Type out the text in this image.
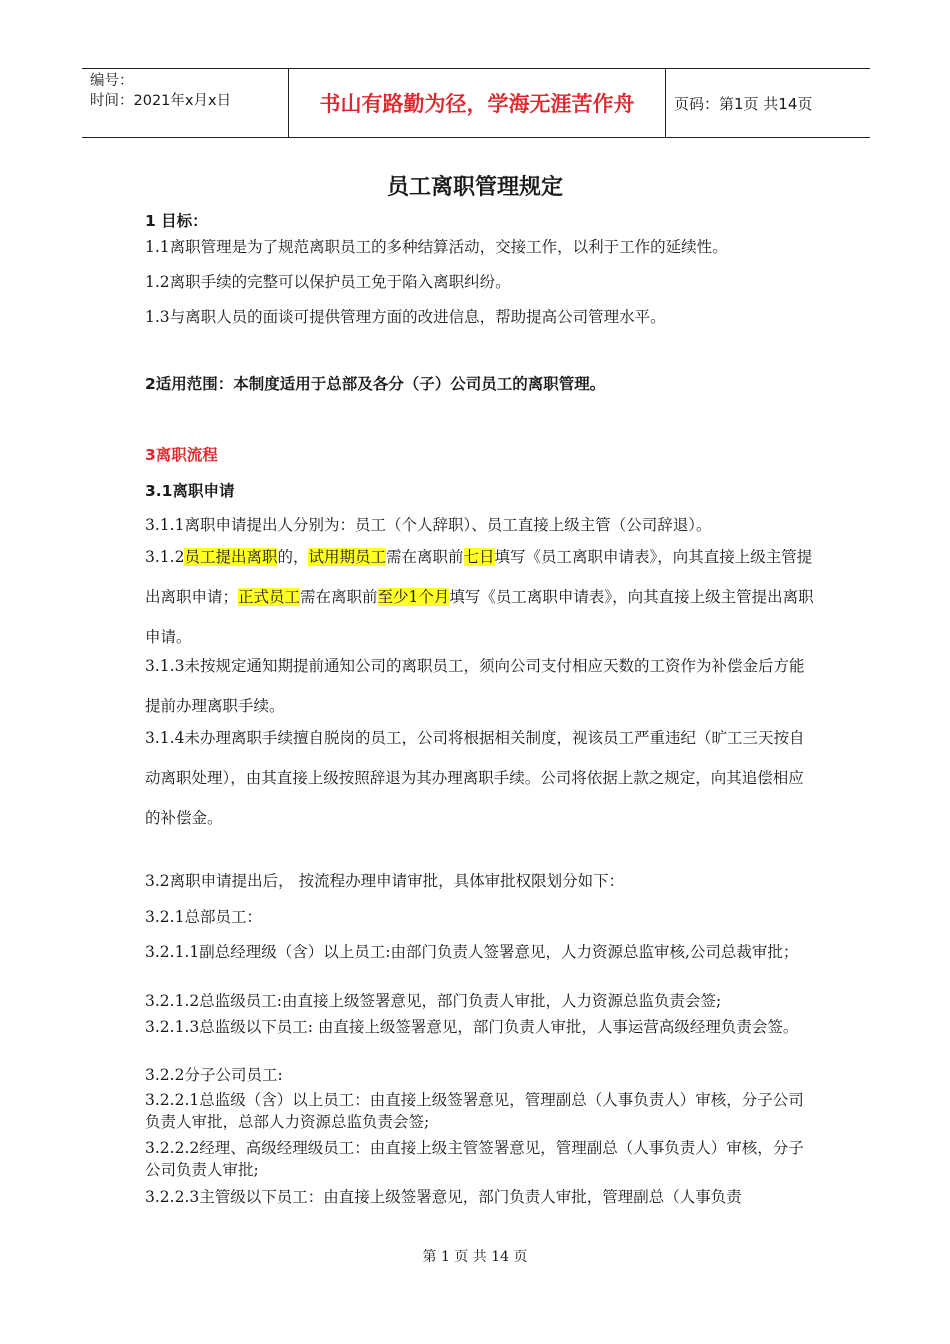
编号：
时间：2021年x月x日	书山有路勤为径，学海无涯苦作舟	页码：第1页 共14页
员工离职管理规定
1 目标：
1.1离职管理是为了规范离职员工的多种结算活动，交接工作，以利于工作的延续性。
1.2离职手续的完整可以保护员工免于陷入离职纠纷。
1.3与离职人员的面谈可提供管理方面的改进信息，帮助提高公司管理水平。
2适用范围：本制度适用于总部及各分（子）公司员工的离职管理。
3离职流程
3.1离职申请
3.1.1离职申请提出人分别为：员工（个人辞职）、员工直接上级主管（公司辞退）。
3.1.2员工提出离职的，试用期员工需在离职前七日填写《员工离职申请表》，向其直接上级主管提出离职申请；正式员工需在离职前至少1个月填写《员工离职申请表》，向其直接上级主管提出离职申请。
3.1.3未按规定通知期提前通知公司的离职员工，须向公司支付相应天数的工资作为补偿金后方能提前办理离职手续。
3.1.4未办理离职手续擅自脱岗的员工，公司将根据相关制度，视该员工严重违纪（旷工三天按自动离职处理），由其直接上级按照辞退为其办理离职手续。公司将依据上款之规定，向其追偿相应的补偿金。
3.2离职申请提出后， 按流程办理申请审批，具体审批权限划分如下：
3.2.1总部员工：
3.2.1.1副总经理级（含）以上员工:由部门负责人签署意见，人力资源总监审核,公司总裁审批；
3.2.1.2总监级员工:由直接上级签署意见，部门负责人审批，人力资源总监负责会签;
3.2.1.3总监级以下员工: 由直接上级签署意见，部门负责人审批，人事运营高级经理负责会签。
3.2.2分子公司员工:
3.2.2.1总监级（含）以上员工：由直接上级签署意见，管理副总（人事负责人）审核，分子公司负责人审批，总部人力资源总监负责会签;
3.2.2.2经理、高级经理级员工：由直接上级主管签署意见，管理副总（人事负责人）审核，分子公司负责人审批;
3.2.2.3主管级以下员工：由直接上级签署意见，部门负责人审批，管理副总（人事负责
第 1 页 共 14 页
